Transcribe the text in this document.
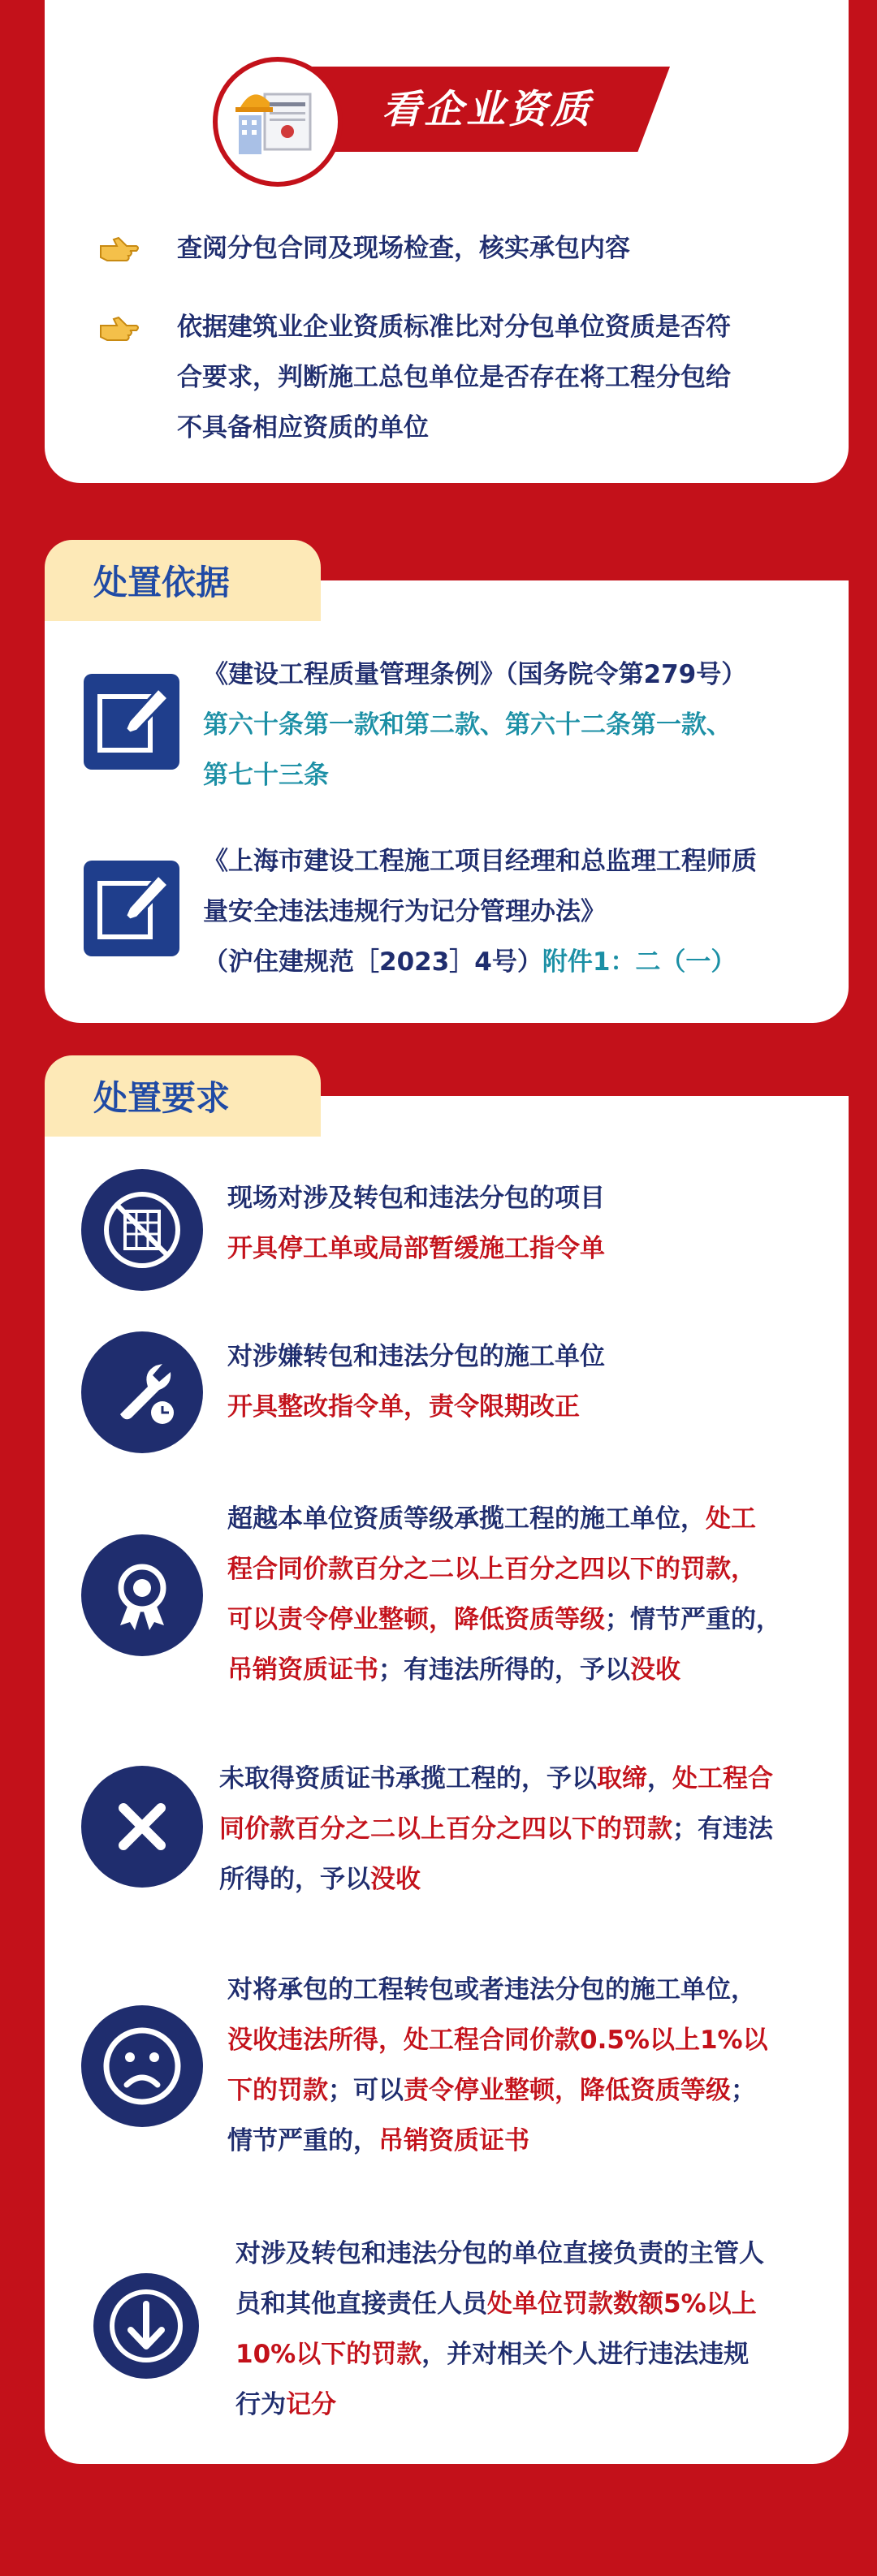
看企业资质
查阅分包合同及现场检查，核实承包内容
依据建筑业企业资质标准比对分包单位资质是否符
合要求，判断施工总包单位是否存在将工程分包给
不具备相应资质的单位
处置依据
《建设工程质量管理条例》（国务院令第279号）
第六十条第一款和第二款、第六十二条第一款、
第七十三条
《上海市建设工程施工项目经理和总监理工程师质
量安全违法违规行为记分管理办法》
（沪住建规范［2023］4号）附件1：二（一）
处置要求
现场对涉及转包和违法分包的项目
开具停工单或局部暂缓施工指令单
对涉嫌转包和违法分包的施工单位
开具整改指令单，责令限期改正
超越本单位资质等级承揽工程的施工单位，处工
程合同价款百分之二以上百分之四以下的罚款，
可以责令停业整顿，降低资质等级；情节严重的，
吊销资质证书；有违法所得的，予以没收
未取得资质证书承揽工程的，予以取缔，处工程合
同价款百分之二以上百分之四以下的罚款；有违法
所得的，予以没收
对将承包的工程转包或者违法分包的施工单位，
没收违法所得，处工程合同价款0.5%以上1%以
下的罚款；可以责令停业整顿，降低资质等级；
情节严重的，吊销资质证书
对涉及转包和违法分包的单位直接负责的主管人
员和其他直接责任人员处单位罚款数额5%以上
10%以下的罚款，并对相关个人进行违法违规
行为记分
